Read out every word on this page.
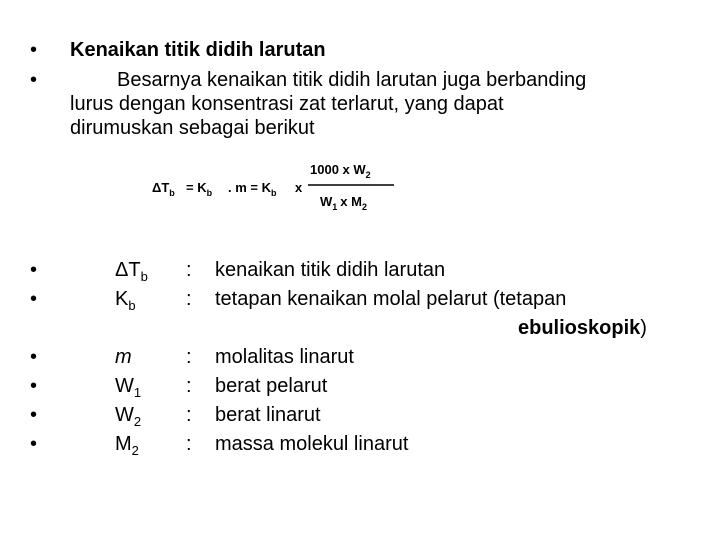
• Kenaikan titik didih larutan
•	Besarnya kenaikan titik didih larutan juga berbanding
lurus dengan konsentrasi zat terlarut, yang dapat
dirumuskan sebagai berikut
$\Delta T_b = K_b$ . $m = K_b$ x
1000 x $W_2$
$W_1$ x $M_2$
•	$\Delta T_b$ : kenaikan titik didih larutan
•	$K_b$	: tetapan kenaikan molal pelarut (tetapan
ebulioskopik)
•	m	: molalitas linarut
•	$W_1$ : berat pelarut
•	$W_2$ : berat linarut
•	$M_2$ : massa molekul linarut
